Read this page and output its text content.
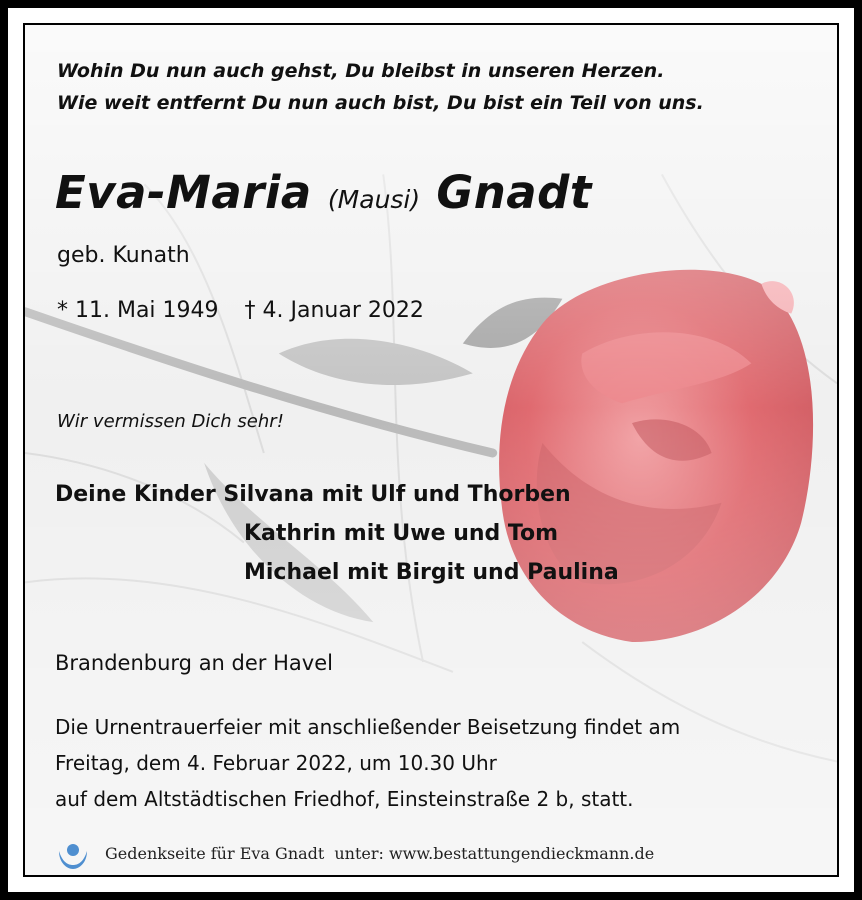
Wohin Du nun auch gehst, Du bleibst in unseren Herzen.
Wie weit entfernt Du nun auch bist, Du bist ein Teil von uns.
Eva-Maria (Mausi) Gnadt
geb. Kunath
* 11. Mai 1949 † 4. Januar 2022
Wir vermissen Dich sehr!
Deine Kinder Silvana mit Ulf und Thorben
Kathrin mit Uwe und Tom
Michael mit Birgit und Paulina
Brandenburg an der Havel
Die Urnentrauerfeier mit anschließender Beisetzung findet am
Freitag, dem 4. Februar 2022, um 10.30 Uhr
auf dem Altstädtischen Friedhof, Einsteinstraße 2 b, statt.
Gedenkseite für Eva Gnadt unter: www.bestattungendieckmann.de
